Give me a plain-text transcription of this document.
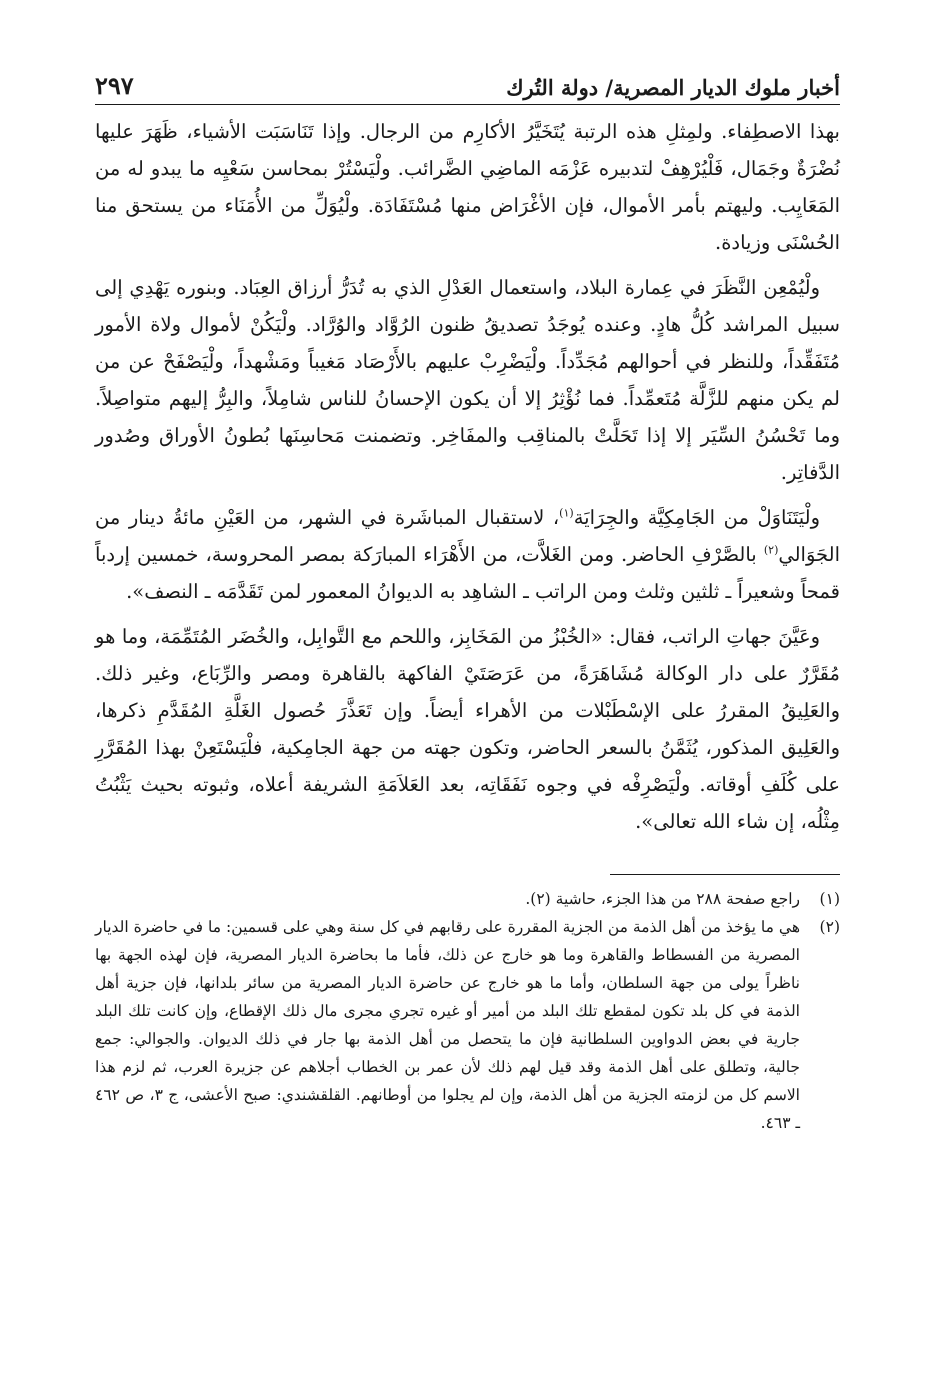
أخبار ملوك الديار المصرية/ دولة التُرك
٢٩٧

بهذا الاصطِفاء. ولمِثلِ هذه الرتبة يُتَخَيَّرُ الأكارِم من الرجال. وإذا تَنَاسَبَت الأشياء، ظَهَرَ عليها نُضْرَةٌ وجَمَال، فَلْيُرْهِفْ لتدبيره عَزْمَه الماضِي الضَّرائب. ولْيَسْتُرْ بمحاسن سَعْيِه ما يبدو له من المَعَايِب. وليهتم بأمر الأموال، فإن الأغْرَاض منها مُسْتَفَادَة. ولْيُوَلِّ من الأُمَنَاء من يستحق منا الحُسْنَى وزيادة.

ولْيُمْعِن النَّظَرَ في عِمارة البلاد، واستعمال العَدْلِ الذي به تُدَرُّ أرزاق العِبَاد. وبنوره يَهْدِي إلى سبيل المراشد كُلُّ هادٍ. وعنده يُوجَدُ تصديقُ ظنون الرُوَّاد والوُرَّاد. ولْيَكُنْ لأموال ولاة الأمور مُتَفَقِّداً، وللنظر في أحوالهم مُجَدِّداً. ولْيَضْرِبْ عليهم بالأَرْصَاد مَغيباً ومَشْهداً، ولْيَصْفَحْ عن من لم يكن منهم للزَّلَّة مُتَعمِّداً. فما نُؤْثِرُ إلا أن يكون الإحسانُ للناس شامِلاً، والبِرُّ إليهم متواصِلاً. وما تَحْسُنُ السِّيَر إلا إذا تَحَلَّتْ بالمناقِب والمفَاخِر. وتضمنت مَحاسِنَها بُطونُ الأوراق وصُدور الدَّفاتِر.

ولْيَتَنَاوَلْ من الجَامِكِيَّة والجِرَايَة$^{(١)}$، لاستقبال المباشَرة في الشهر، من العَيْنِ مائةُ دينار من الجَوَالي$^{(٢)}$ بالصَّرْفِ الحاضر. ومن الغَلاَّت، من الأَهْرَاء المبارَكة بمصر المحروسة، خمسين إردباً قمحاً وشعيراً ـ ثلثين وثلث ومن الراتب ـ الشاهِد به الديوانُ المعمور لمن تَقَدَّمَه ـ النصف».

وعَيَّنَ جهاتِ الراتب، فقال: «الخُبْزُ من المَخَابِز، واللحم مع التَّوابِل، والخُضَر المُتَمِّمَة، وما هو مُقَرَّرٌ على دار الوكالة مُشَاهَرَةً، من عَرَصَتَيْ الفاكهة بالقاهرة ومصر والرِّبَاع، وغير ذلك. والعَلِيقُ المقررُ على الإسْطَبْلات من الأهراء أيضاً. وإن تَعَذَّرَ حُصول الغَلَّةِ المُقَدَّمِ ذكرها، والعَلِيق المذكور، يُثَمَّنُ بالسعر الحاضر، وتكون جهته من جهة الجامِكية، فلْيَسْتَعِنْ بهذا المُقَرَّرِ على كُلَفِ أوقاته. ولْيَصْرِفْه في وجوه نَفَقَاتِه، بعد العَلاَمَةِ الشريفة أعلاه، وثبوته بحيث يَثْبُتُ مِثْلُه، إن شاء الله تعالى».

(١)
راجع صفحة ٢٨٨ من هذا الجزء، حاشية (٢).
(٢)
هي ما يؤخذ من أهل الذمة من الجزية المقررة على رقابهم في كل سنة وهي على قسمين: ما في حاضرة الديار المصرية من الفسطاط والقاهرة وما هو خارج عن ذلك، فأما ما بحاضرة الديار المصرية، فإن لهذه الجهة بها ناظراً يولى من جهة السلطان، وأما ما هو خارج عن حاضرة الديار المصرية من سائر بلدانها، فإن جزية أهل الذمة في كل بلد تكون لمقطع تلك البلد من أمير أو غيره تجري مجرى مال ذلك الإقطاع، وإن كانت تلك البلد جارية في بعض الدواوين السلطانية فإن ما يتحصل من أهل الذمة بها جار في ذلك الديوان. والجوالي: جمع جالية، وتطلق على أهل الذمة وقد قيل لهم ذلك لأن عمر بن الخطاب أجلاهم عن جزيرة العرب، ثم لزم هذا الاسم كل من لزمته الجزية من أهل الذمة، وإن لم يجلوا من أوطانهم. القلقشندي: صبح الأعشى، ج ٣، ص ٤٦٢ ـ ٤٦٣.
